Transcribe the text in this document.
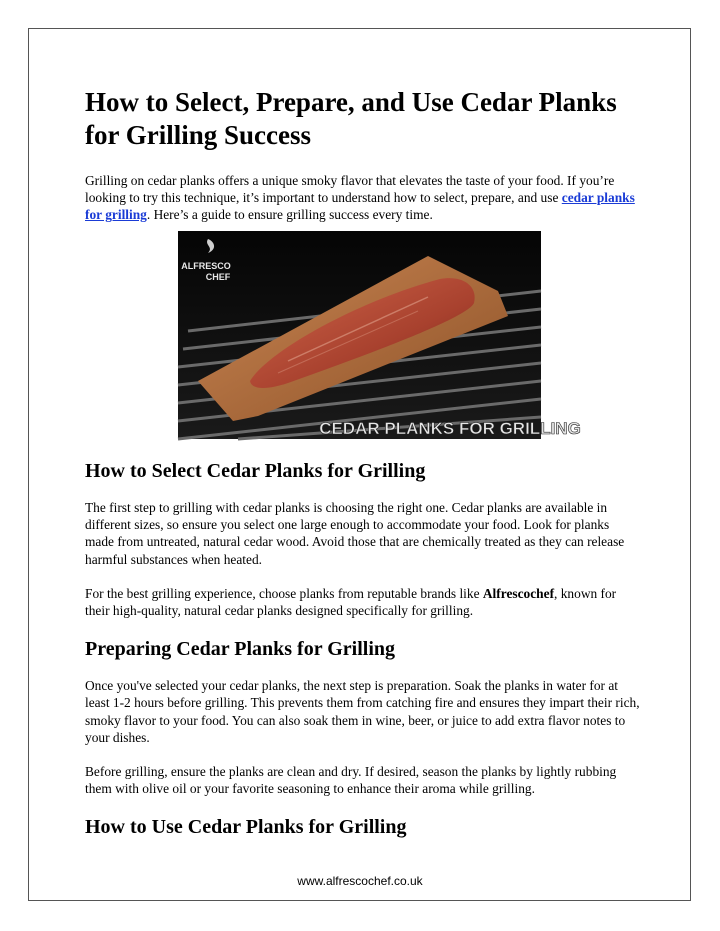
How to Select, Prepare, and Use Cedar Planks for Grilling Success

Grilling on cedar planks offers a unique smoky flavor that elevates the taste of your food. If you’re looking to try this technique, it’s important to understand how to select, prepare, and use cedar planks for grilling. Here’s a guide to ensure grilling success every time.

ALFRESCO
CHEF
CEDAR PLANKS FOR GRILLING
How to Select Cedar Planks for Grilling

The first step to grilling with cedar planks is choosing the right one. Cedar planks are available in different sizes, so ensure you select one large enough to accommodate your food. Look for planks made from untreated, natural cedar wood. Avoid those that are chemically treated as they can release harmful substances when heated.

For the best grilling experience, choose planks from reputable brands like Alfrescochef, known for their high-quality, natural cedar planks designed specifically for grilling.

Preparing Cedar Planks for Grilling

Once you've selected your cedar planks, the next step is preparation. Soak the planks in water for at least 1-2 hours before grilling. This prevents them from catching fire and ensures they impart their rich, smoky flavor to your food. You can also soak them in wine, beer, or juice to add extra flavor notes to your dishes.

Before grilling, ensure the planks are clean and dry. If desired, season the planks by lightly rubbing them with olive oil or your favorite seasoning to enhance their aroma while grilling.

How to Use Cedar Planks for Grilling
www.alfrescochef.co.uk
